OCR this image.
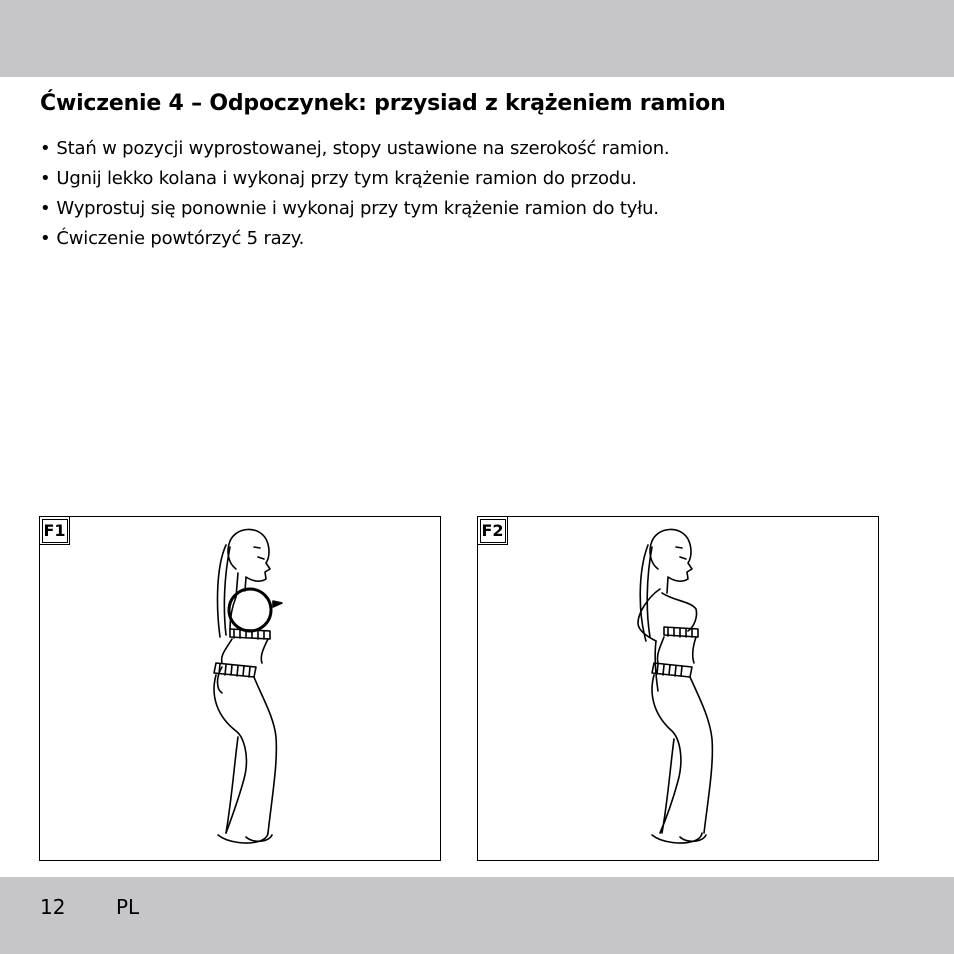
Ćwiczenie 4 – Odpoczynek: przysiad z krążeniem ramion
• Stań w pozycji wyprostowanej, stopy ustawione na szerokość ramion.
• Ugnij lekko kolana i wykonaj przy tym krążenie ramion do przodu.
• Wyprostuj się ponownie i wykonaj przy tym krążenie ramion do tyłu.
• Ćwiczenie powtórzyć 5 razy.
F1	F2
12	PL
